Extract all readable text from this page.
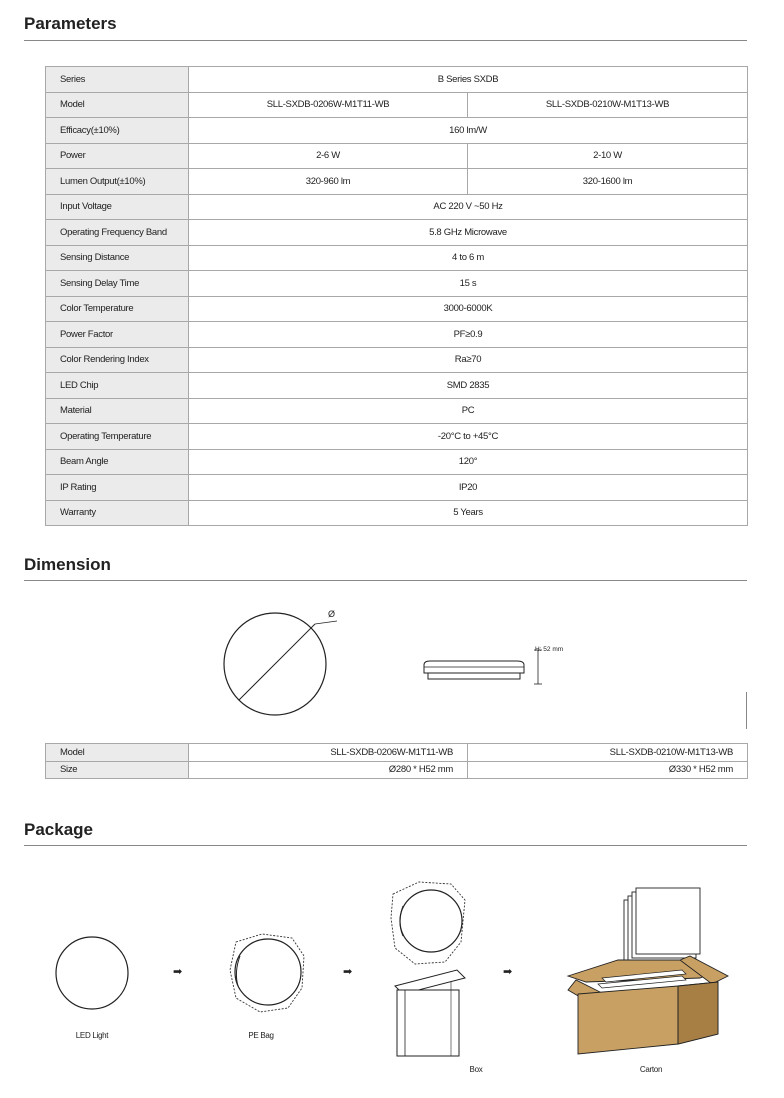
Parameters
Series	B Series SXDB	
Model	SLL-SXDB-0206W-M1T11-WB	SLL-SXDB-0210W-M1T13-WB
Efficacy(±10%)	160 lm/W	
Power	2-6 W	2-10 W
Lumen Output(±10%)	320-960 lm	320-1600 lm
Input Voltage	AC 220 V ~50 Hz	
Operating Frequency Band	5.8 GHz Microwave	
Sensing Distance	4 to 6 m	
Sensing Delay Time	15 s	
Color Temperature	3000-6000K	
Power Factor	PF≥0.9	
Color Rendering Index	Ra≥70	
LED Chip	SMD 2835	
Material	PC	
Operating Temperature	-20°C to +45°C	
Beam Angle	120°	
IP Rating	IP20	
Warranty	5 Years	
Dimension
Ø
H: 52 mm
Model	SLL-SXDB-0206W-M1T11-WB	SLL-SXDB-0210W-M1T13-WB
Size	Ø280 * H52 mm	Ø330 * H52 mm
Package
LED Light
➡
PE Bag
➡
Box
➡
Carton
